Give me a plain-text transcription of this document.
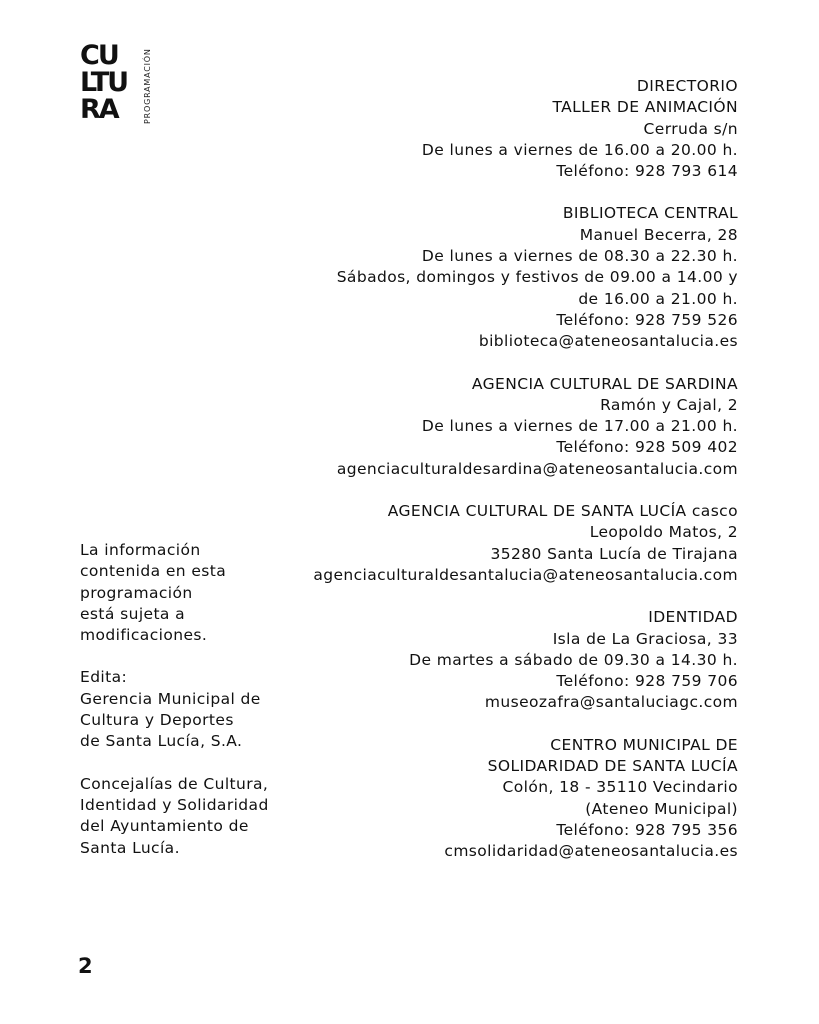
CU
LTU
RA	PROGRAMACIÓN	DIRECTORIO
TALLER DE ANIMACIÓN
Cerruda s/n
De lunes a viernes de 16.00 a 20.00 h.
Teléfono: 928 793 614
BIBLIOTECA CENTRAL
Manuel Becerra, 28
De lunes a viernes de 08.30 a 22.30 h.
Sábados, domingos y festivos de 09.00 a 14.00 y
de 16.00 a 21.00 h.
Teléfono: 928 759 526
biblioteca@ateneosantalucia.es
AGENCIA CULTURAL DE SARDINA
Ramón y Cajal, 2
De lunes a viernes de 17.00 a 21.00 h.
Teléfono: 928 509 402
agenciaculturaldesardina@ateneosantalucia.com
AGENCIA CULTURAL DE SANTA LUCÍA casco
Leopoldo Matos, 2
35280 Santa Lucía de Tirajana
agenciaculturaldesantalucia@ateneosantalucia.com
IDENTIDAD
Isla de La Graciosa, 33
De martes a sábado de 09.30 a 14.30 h.
Teléfono: 928 759 706
museozafra@santaluciagc.com
CENTRO MUNICIPAL DE
SOLIDARIDAD DE SANTA LUCÍA
Colón, 18 - 35110 Vecindario
(Ateneo Municipal)
Teléfono: 928 795 356
cmsolidaridad@ateneosantalucia.es
La información
contenida en esta
programación
está sujeta a
modificaciones.
Edita:
Gerencia Municipal de
Cultura y Deportes
de Santa Lucía, S.A.
Concejalías de Cultura,
Identidad y Solidaridad
del Ayuntamiento de
Santa Lucía.
2
